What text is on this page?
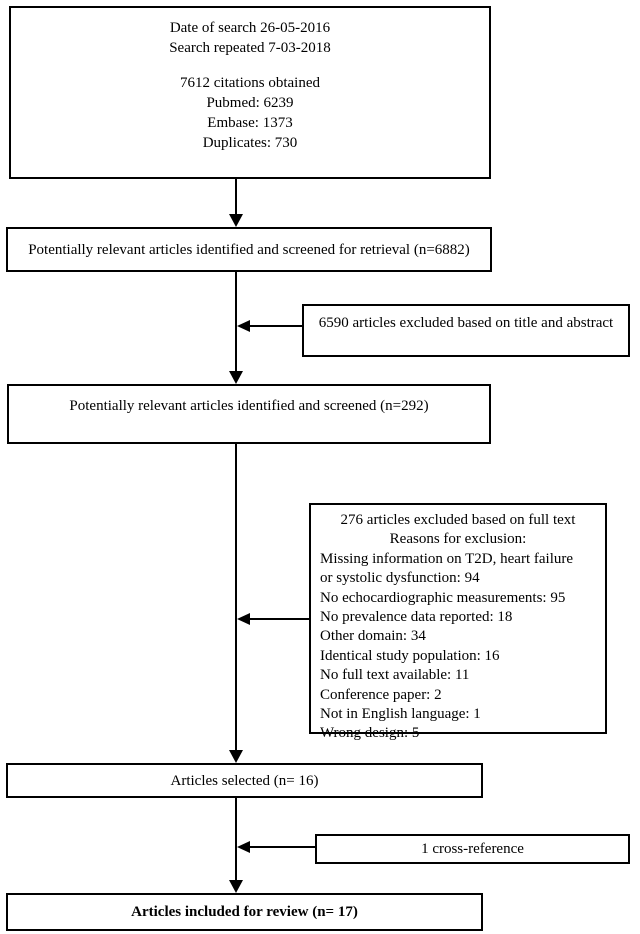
Date of search 26-05-2016
Search repeated 7-03-2018
7612 citations obtained
Pubmed: 6239
Embase: 1373
Duplicates: 730
Potentially relevant articles identified and screened for retrieval (n=6882)
6590 articles excluded based on title and abstract
Potentially relevant articles identified and screened (n=292)
276 articles excluded based on full text
Reasons for exclusion:
Missing information on T2D, heart failure
or systolic dysfunction: 94
No echocardiographic measurements: 95
No prevalence data reported: 18
Other domain: 34
Identical study population: 16
No full text available: 11
Conference paper: 2
Not in English language: 1
Wrong design: 5
Articles selected (n= 16)
1 cross-reference
Articles included for review (n= 17)
